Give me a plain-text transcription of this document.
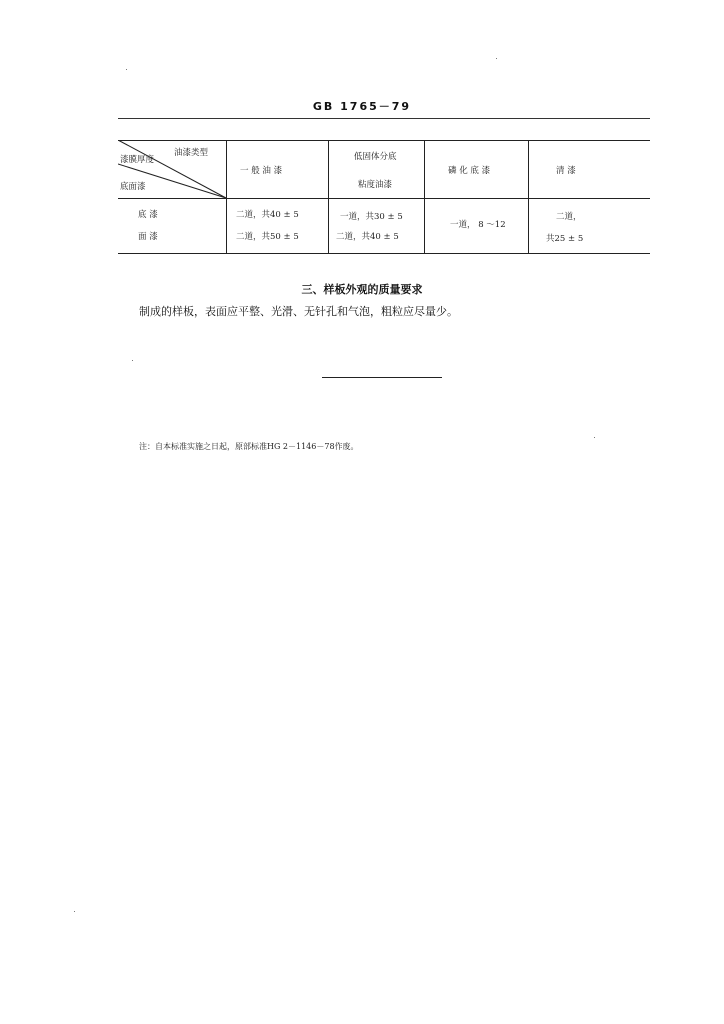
GB 1765－79
油漆类型
漆膜厚度
底面漆
一 般 油 漆
低固体分底
粘度油漆
磷 化 底 漆	清 漆
底 漆
面 漆
二道，共40 ± 5
二道，共50 ± 5
一道，共30 ± 5
二道，共40 ± 5
一道， 8 ～12
二道，
共25 ± 5
三、样板外观的质量要求
制成的样板，表面应平整、光滑、无针孔和气泡，粗粒应尽量少。
注：自本标准实施之日起，原部标准HG 2－1146－78作废。
